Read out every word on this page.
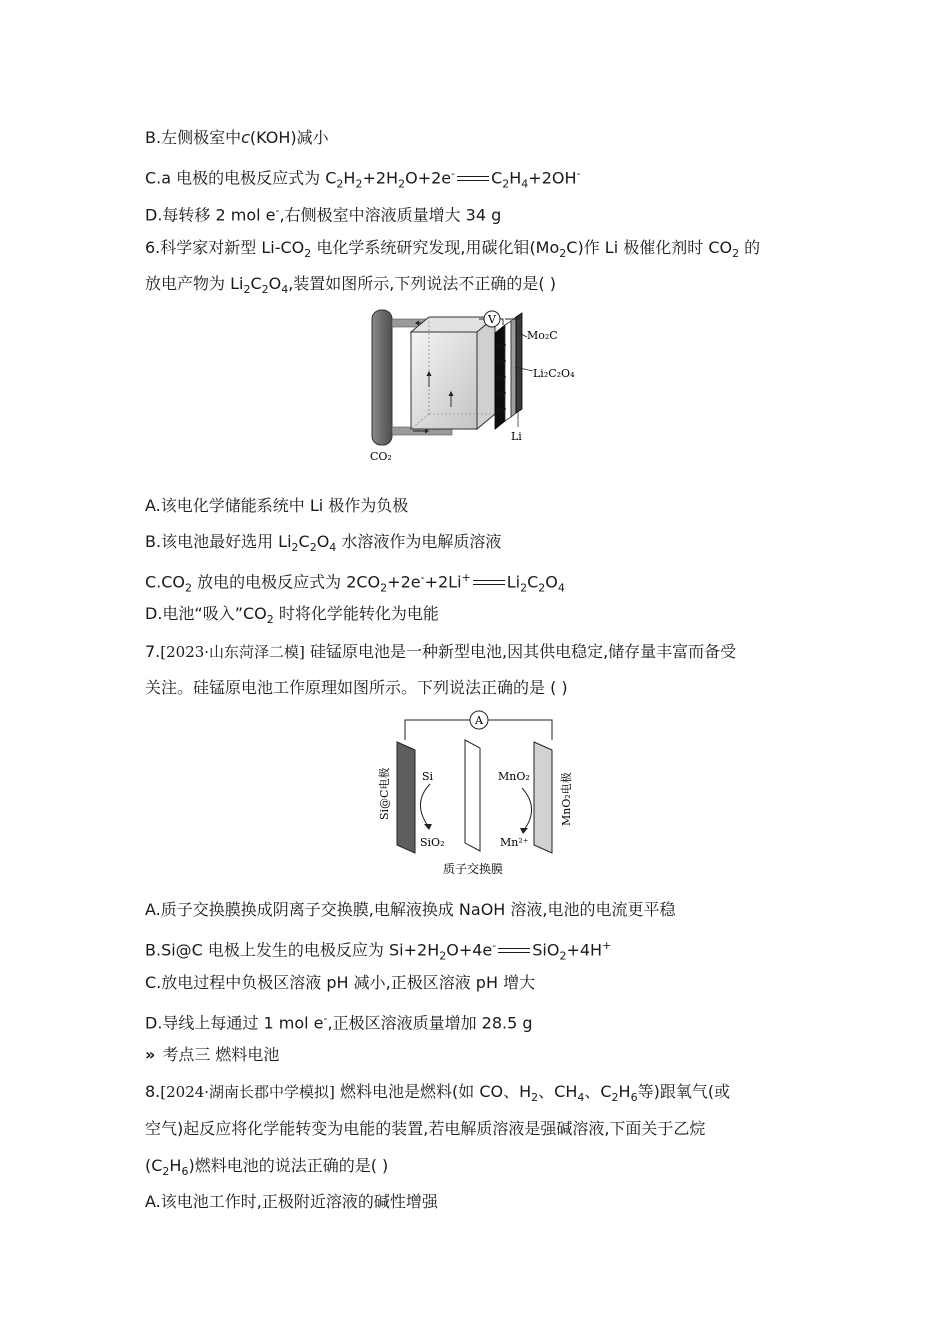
B.左侧极室中c(KOH)减小
C.a 电极的电极反应式为 $C_2H_2+2H_2O+2e^-$ $C_2H_4+2OH^-$
D.每转移 2 mol e-,右侧极室中溶液质量增大 34 g
6.科学家对新型 $Li-CO_2$ 电化学系统研究发现,用碳化钼$(Mo_2C)$作 Li 极催化剂时 $CO_2$ 的
放电产物为 $Li_2C_2O_4$,装置如图所示,下列说法不正确的是( )
V
Mo₂C
Li₂C₂O₄
Li
CO₂
A.该电化学储能系统中 Li 极作为负极
B.该电池最好选用 $Li_2C_2O_4$ 水溶液作为电解质溶液
$C.CO_2$ 放电的电极反应式为 $2CO_2+2e^-+2Li^+$ $Li_2C_2O_4$
D.电池“吸入$”CO_2$ 时将化学能转化为电能
7.[2023·山东菏泽二模] 硅锰原电池是一种新型电池,因其供电稳定,储存量丰富而备受
关注。硅锰原电池工作原理如图所示。下列说法正确的是 ( )
A
Si@C电极	MnO₂电极
Si
SiO₂
MnO₂
Mn²⁺
质子交换膜
A.质子交换膜换成阴离子交换膜,电解液换成 NaOH 溶液,电池的电流更平稳
B.Si@C 电极上发生的电极反应为 $Si+2H_2O+4e^-$ SiO$_2$+4H+
C.放电过程中负极区溶液 pH 减小,正极区溶液 pH 增大
D.导线上每通过 1 mol e-,正极区溶液质量增加 28.5 g
» 考点三 燃料电池
8.[2024·湖南长郡中学模拟] 燃料电池是燃料(如 CO、$H_2$、$CH_4$、$C_2H_6$等)跟氧气(或
空气)起反应将化学能转变为电能的装置,若电解质溶液是强碱溶液,下面关于乙烷
$(C_2H_6)$燃料电池的说法正确的是( )
A.该电池工作时,正极附近溶液的碱性增强
